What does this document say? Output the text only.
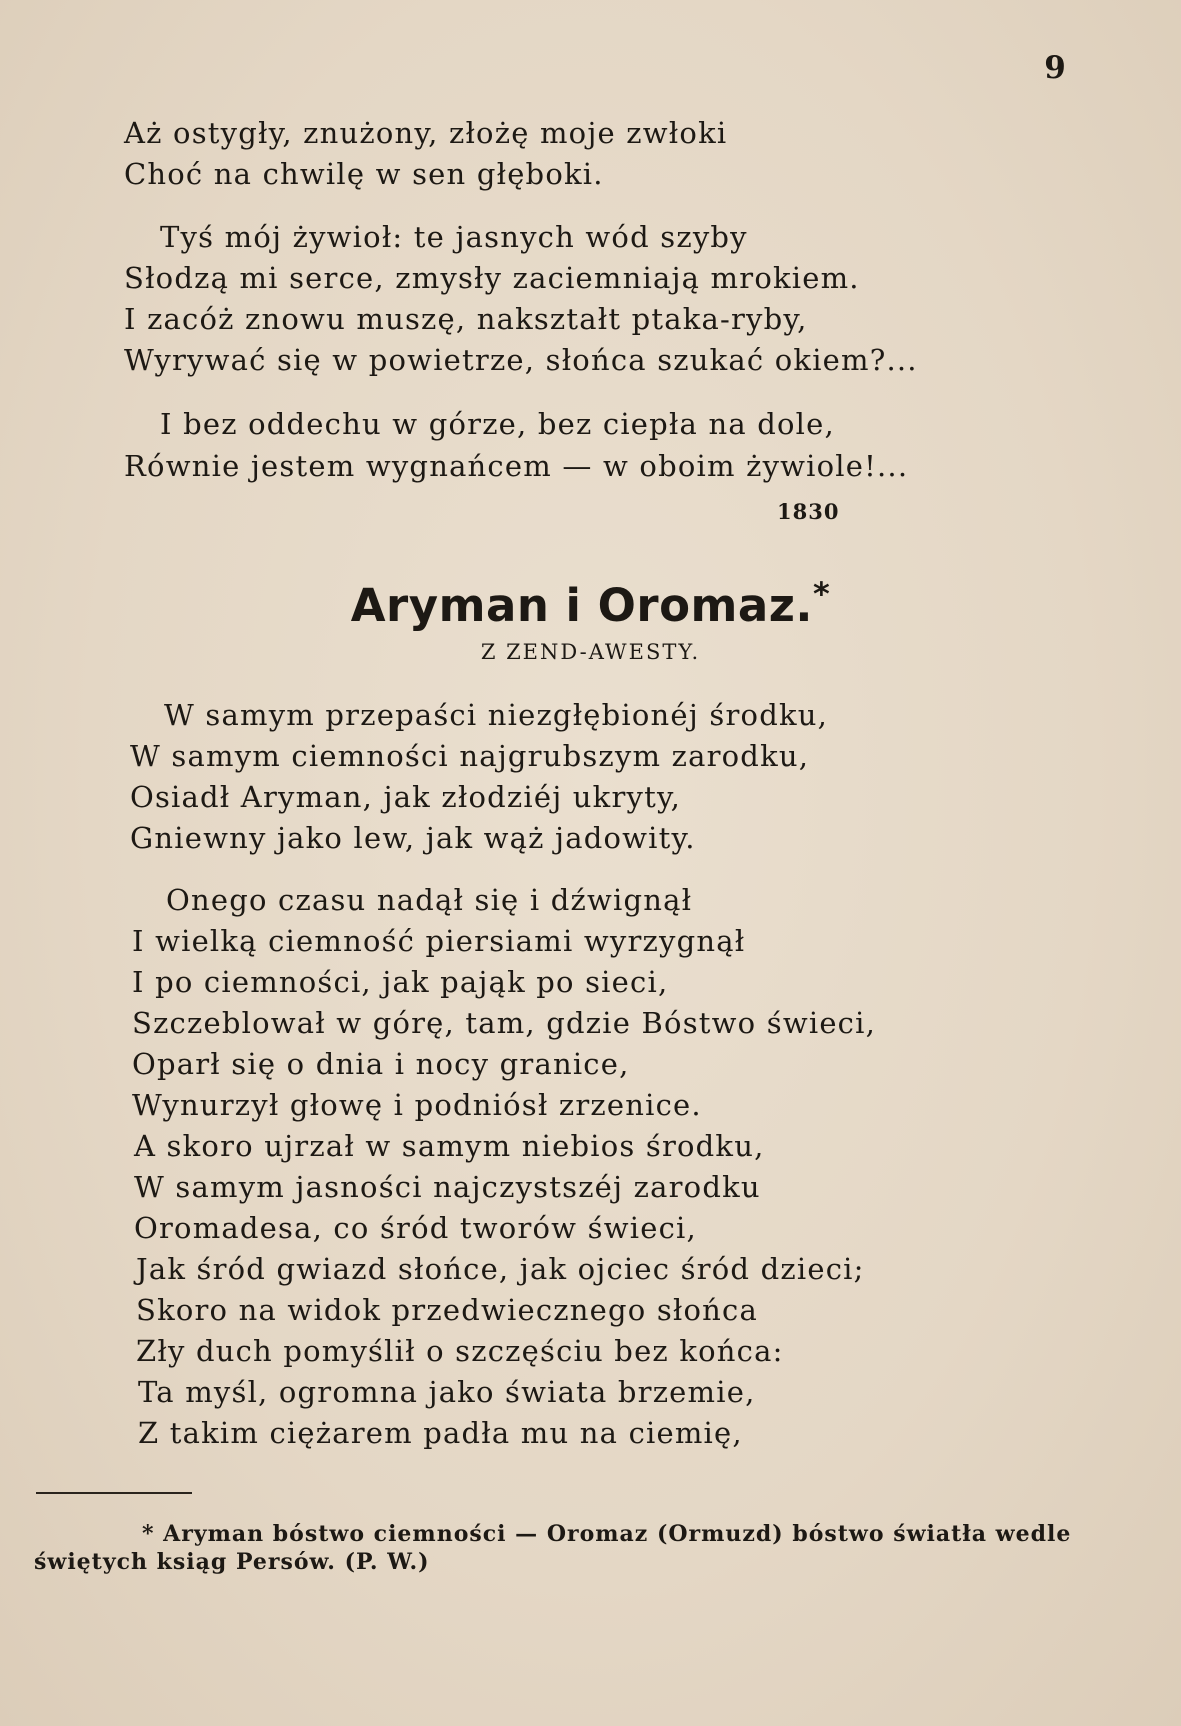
9
Aż ostygły, znużony, złożę moje zwłoki
Choć na chwilę w sen głęboki.
Tyś mój żywioł: te jasnych wód szyby
Słodzą mi serce, zmysły zaciemniają mrokiem.
I zacóż znowu muszę, nakształt ptaka-ryby,
Wyrywać się w powietrze, słońca szukać okiem?...
I bez oddechu w górze, bez ciepła na dole,
Równie jestem wygnańcem — w oboim żywiole!...
1830
Aryman i Oromaz.*
Z ZEND-AWESTY.
W samym przepaści niezgłębionéj środku,
W samym ciemności najgrubszym zarodku,
Osiadł Aryman, jak złodziéj ukryty,
Gniewny jako lew, jak wąż jadowity.
Onego czasu nadął się i dźwignął
I wielką ciemność piersiami wyrzygnął
I po ciemności, jak pająk po sieci,
Szczeblował w górę, tam, gdzie Bóstwo świeci,
Oparł się o dnia i nocy granice,
Wynurzył głowę i podniósł zrzenice.
A skoro ujrzał w samym niebios środku,
W samym jasności najczystszéj zarodku
Oromadesa, co śród tworów świeci,
Jak śród gwiazd słońce, jak ojciec śród dzieci;
Skoro na widok przedwiecznego słońca
Zły duch pomyślił o szczęściu bez końca:
Ta myśl, ogromna jako świata brzemie,
Z takim ciężarem padła mu na ciemię,
* Aryman bóstwo ciemności — Oromaz (Ormuzd) bóstwo światła wedle
świętych ksiąg Persów. (P. W.)
